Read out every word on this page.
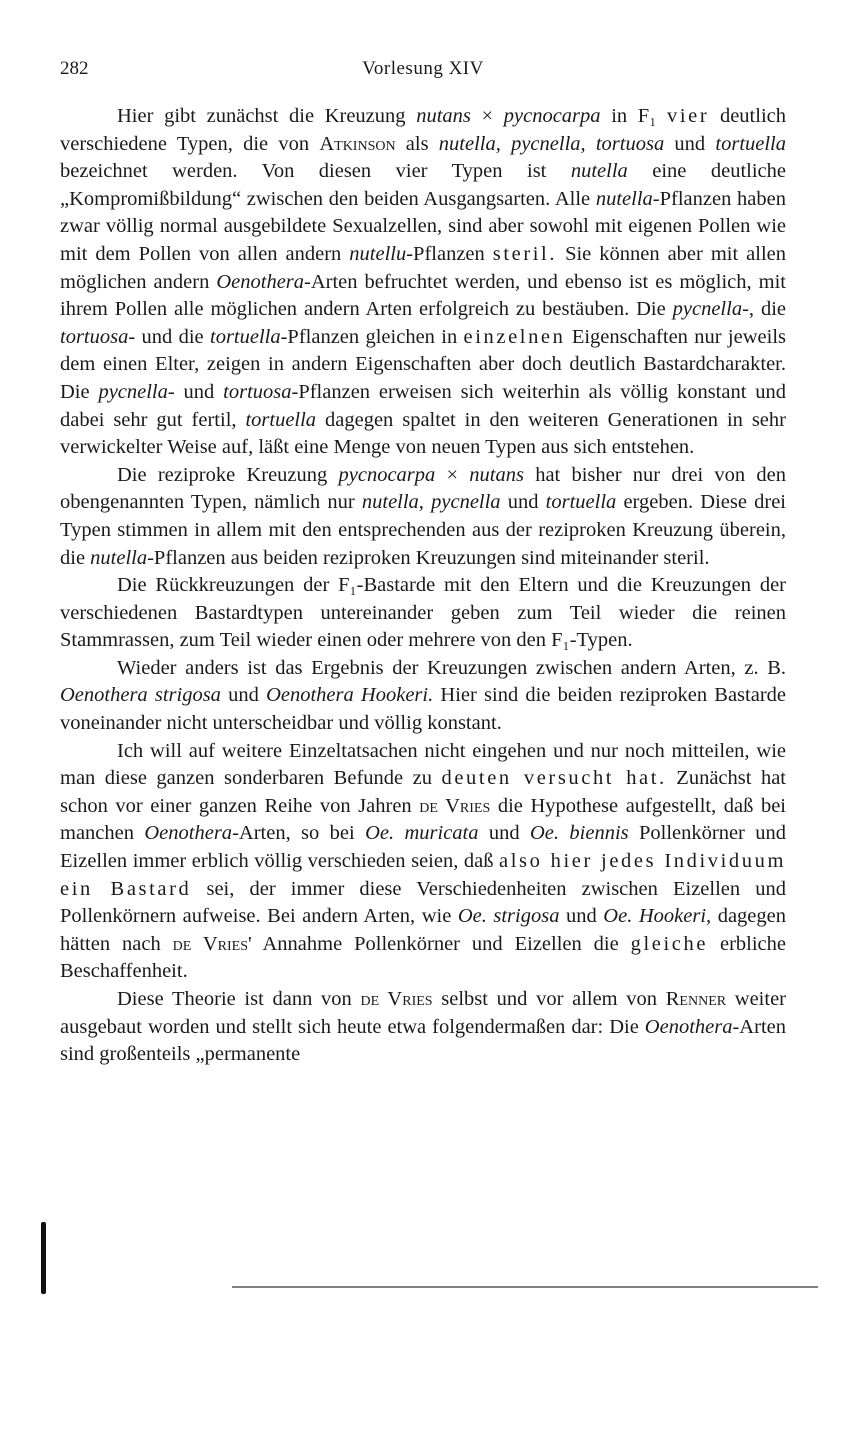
282	Vorlesung XIV

Hier gibt zunächst die Kreuzung nutans × pycnocarpa in F₁ vier deutlich verschiedene Typen, die von Atkinson als nutella, pycnella, tortuosa und tortuella bezeichnet werden. Von diesen vier Typen ist nutella eine deutliche „Kompromißbildung“ zwischen den beiden Ausgangsarten. Alle nutella-Pflanzen haben zwar völlig normal ausgebildete Sexualzellen, sind aber sowohl mit eigenen Pollen wie mit dem Pollen von allen andern nutellu-Pflanzen steril. Sie können aber mit allen möglichen andern Oenothera-Arten befruchtet werden, und ebenso ist es möglich, mit ihrem Pollen alle möglichen andern Arten erfolgreich zu bestäuben. Die pycnella-, die tortuosa- und die tortuella-Pflanzen gleichen in einzelnen Eigenschaften nur jeweils dem einen Elter, zeigen in andern Eigenschaften aber doch deutlich Bastardcharakter. Die pycnella- und tortuosa-Pflanzen erweisen sich weiterhin als völlig konstant und dabei sehr gut fertil, tortuella dagegen spaltet in den weiteren Generationen in sehr verwickelter Weise auf, läßt eine Menge von neuen Typen aus sich entstehen.

Die reziproke Kreuzung pycnocarpa × nutans hat bisher nur drei von den obengenannten Typen, nämlich nur nutella, pycnella und tortuella ergeben. Diese drei Typen stimmen in allem mit den entsprechenden aus der reziproken Kreuzung überein, die nutella-Pflanzen aus beiden reziproken Kreuzungen sind miteinander steril.

Die Rückkreuzungen der F₁-Bastarde mit den Eltern und die Kreuzungen der verschiedenen Bastardtypen untereinander geben zum Teil wieder die reinen Stammrassen, zum Teil wieder einen oder mehrere von den F₁-Typen.

Wieder anders ist das Ergebnis der Kreuzungen zwischen andern Arten, z. B. Oenothera strigosa und Oenothera Hookeri. Hier sind die beiden reziproken Bastarde voneinander nicht unterscheidbar und völlig konstant.

Ich will auf weitere Einzeltatsachen nicht eingehen und nur noch mitteilen, wie man diese ganzen sonderbaren Befunde zu deuten versucht hat. Zunächst hat schon vor einer ganzen Reihe von Jahren de Vries die Hypothese aufgestellt, daß bei manchen Oenothera-Arten, so bei Oe. muricata und Oe. biennis Pollenkörner und Eizellen immer erblich völlig verschieden seien, daß also hier jedes Individuum ein Bastard sei, der immer diese Verschiedenheiten zwischen Eizellen und Pollenkörnern aufweise. Bei andern Arten, wie Oe. strigosa und Oe. Hookeri, dagegen hätten nach de Vries' Annahme Pollenkörner und Eizellen die gleiche erbliche Beschaffenheit.

Diese Theorie ist dann von de Vries selbst und vor allem von Renner weiter ausgebaut worden und stellt sich heute etwa folgendermaßen dar: Die Oenothera-Arten sind großenteils „permanente
